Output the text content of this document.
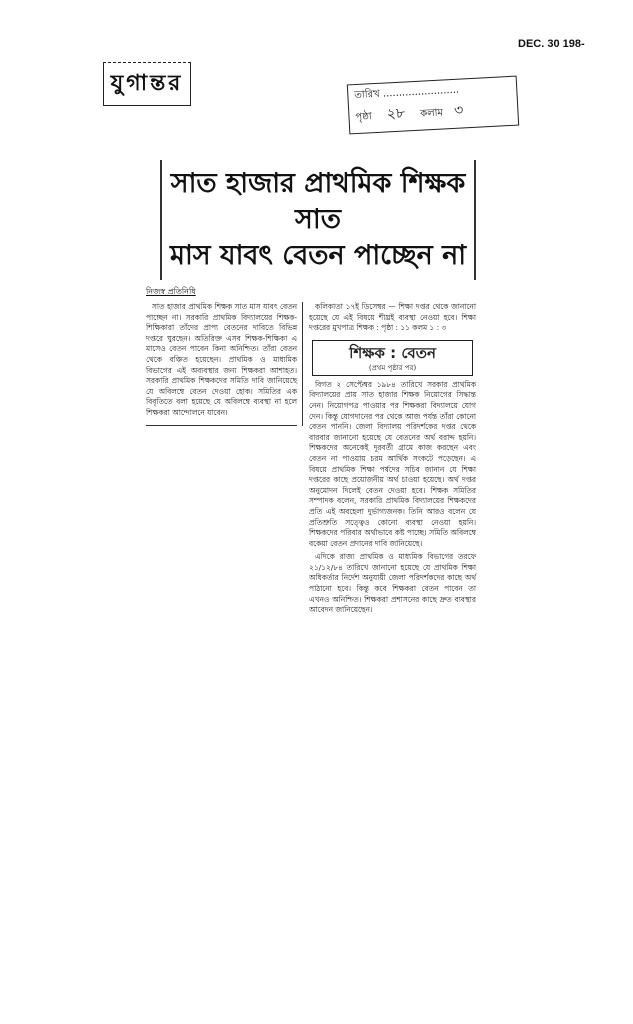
DEC. 30 198-
যুগান্তর	তারিখ ........................
পৃষ্ঠা ২৮ কলাম ৩
সাত হাজার প্রাথমিক শিক্ষক সাত
মাস যাবৎ বেতন পাচ্ছেন না
নিজস্ব প্রতিনিধি

সাত হাজার প্রাথমিক শিক্ষক সাত মাস যাবৎ বেতন পাচ্ছেন না। সরকারি প্রাথমিক বিদ্যালয়ের শিক্ষক-শিক্ষিকারা তাঁদের প্রাপ্য বেতনের দাবিতে বিভিন্ন দপ্তরে ঘুরছেন। অতিরিক্ত এসব শিক্ষক-শিক্ষিকা এ মাসেও বেতন পাবেন কিনা অনিশ্চিত। তাঁরা বেতন থেকে বঞ্চিত হয়েছেন। প্রাথমিক ও মাধ্যমিক বিভাগের এই অব্যবস্থার জন্য শিক্ষকরা আশাহত। সরকারি প্রাথমিক শিক্ষকদের সমিতি দাবি জানিয়েছে যে অবিলম্বে বেতন দেওয়া হোক। সমিতির এক বিবৃতিতে বলা হয়েছে যে অবিলম্বে ব্যবস্থা না হলে শিক্ষকরা আন্দোলনে যাবেন।

কলিকাতা ১৭ই ডিসেম্বর — শিক্ষা দপ্তর থেকে জানানো হয়েছে যে এই বিষয়ে শীঘ্রই ব্যবস্থা নেওয়া হবে। শিক্ষা দপ্তরের মুখপাত্র শিক্ষক : পৃষ্ঠা : ১১ কলম ১ : ৩

শিক্ষক : বেতন
(প্রথম পৃষ্ঠার পর)

বিগত ২ সেপ্টেম্বর ১৯৮৪ তারিখে সরকার প্রাথমিক বিদ্যালয়ের প্রায় সাত হাজার শিক্ষক নিয়োগের সিদ্ধান্ত নেন। নিয়োগপত্র পাওয়ার পর শিক্ষকরা বিদ্যালয়ে যোগ দেন। কিন্তু যোগদানের পর থেকে আজ পর্যন্ত তাঁরা কোনো বেতন পাননি। জেলা বিদ্যালয় পরিদর্শকের দপ্তর থেকে বারবার জানানো হয়েছে যে বেতনের অর্থ বরাদ্দ হয়নি। শিক্ষকদের অনেকেই দূরবর্তী গ্রামে কাজ করছেন এবং বেতন না পাওয়ায় চরম আর্থিক সংকটে পড়েছেন। এ বিষয়ে প্রাথমিক শিক্ষা পর্ষদের সচিব জানান যে শিক্ষা দপ্তরের কাছে প্রয়োজনীয় অর্থ চাওয়া হয়েছে। অর্থ দপ্তর অনুমোদন দিলেই বেতন দেওয়া হবে। শিক্ষক সমিতির সম্পাদক বলেন, সরকারি প্রাথমিক বিদ্যালয়ের শিক্ষকদের প্রতি এই অবহেলা দুর্ভাগ্যজনক। তিনি আরও বলেন যে প্রতিশ্রুতি সত্ত্বেও কোনো ব্যবস্থা নেওয়া হয়নি। শিক্ষকদের পরিবার অর্থাভাবে কষ্ট পাচ্ছে। সমিতি অবিলম্বে বকেয়া বেতন প্রদানের দাবি জানিয়েছে।

এদিকে রাজ্য প্রাথমিক ও মাধ্যমিক বিভাগের তরফে ২১/১২/৮৪ তারিখে জানানো হয়েছে যে প্রাথমিক শিক্ষা অধিকর্তার নির্দেশ অনুযায়ী জেলা পরিদর্শকদের কাছে অর্থ পাঠানো হবে। কিন্তু কবে শিক্ষকরা বেতন পাবেন তা এখনও অনিশ্চিত। শিক্ষকরা প্রশাসনের কাছে দ্রুত ব্যবস্থার আবেদন জানিয়েছেন।
